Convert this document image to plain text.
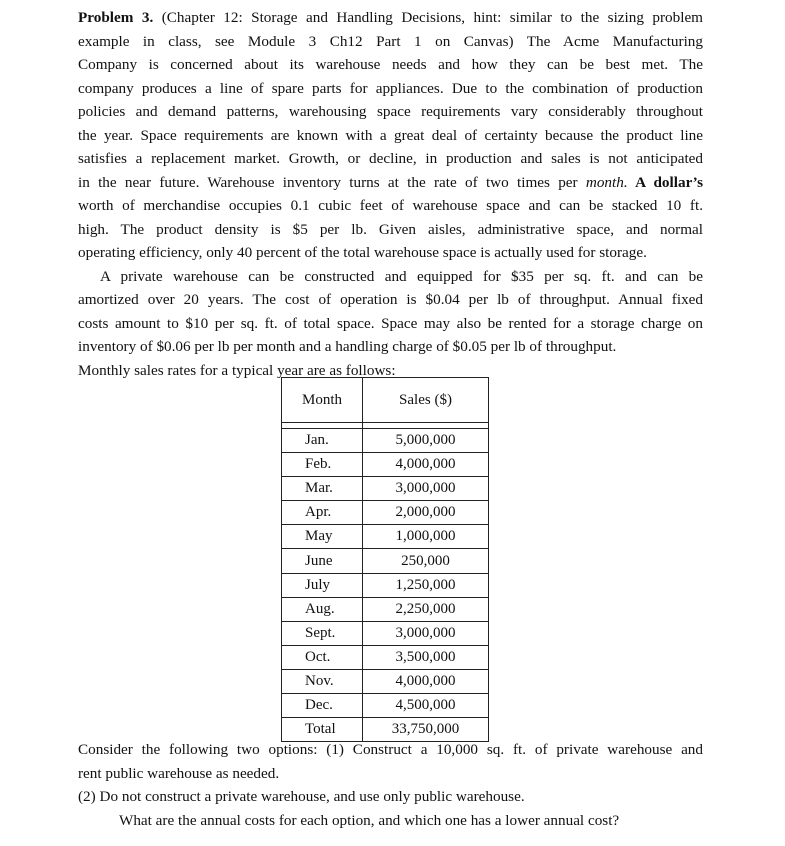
Problem 3. (Chapter 12: Storage and Handling Decisions, hint: similar to the sizing problem
example in class, see Module 3 Ch12 Part 1 on Canvas) The Acme Manufacturing
Company is concerned about its warehouse needs and how they can be best met. The
company produces a line of spare parts for appliances. Due to the combination of production
policies and demand patterns, warehousing space requirements vary considerably throughout
the year. Space requirements are known with a great deal of certainty because the product line
satisfies a replacement market. Growth, or decline, in production and sales is not anticipated
in the near future. Warehouse inventory turns at the rate of two times per month. A dollar’s
worth of merchandise occupies 0.1 cubic feet of warehouse space and can be stacked 10 ft.
high. The product density is $5 per lb. Given aisles, administrative space, and normal
operating efficiency, only 40 percent of the total warehouse space is actually used for storage.

A private warehouse can be constructed and equipped for $35 per sq. ft. and can be
amortized over 20 years. The cost of operation is $0.04 per lb of throughput. Annual fixed
costs amount to $10 per sq. ft. of total space. Space may also be rented for a storage charge on
inventory of $0.06 per lb per month and a handling charge of $0.05 per lb of throughput.
Monthly sales rates for a typical year are as follows:

Month	Sales ($)

Jan.	5,000,000
Feb.	4,000,000
Mar.	3,000,000
Apr.	2,000,000
May	1,000,000
June	250,000
July	1,250,000
Aug.	2,250,000
Sept.	3,000,000
Oct.	3,500,000
Nov.	4,000,000
Dec.	4,500,000
Total	33,750,000

Consider the following two options: (1) Construct a 10,000 sq. ft. of private warehouse and
rent public warehouse as needed.
(2) Do not construct a private warehouse, and use only public warehouse.
What are the annual costs for each option, and which one has a lower annual cost?
